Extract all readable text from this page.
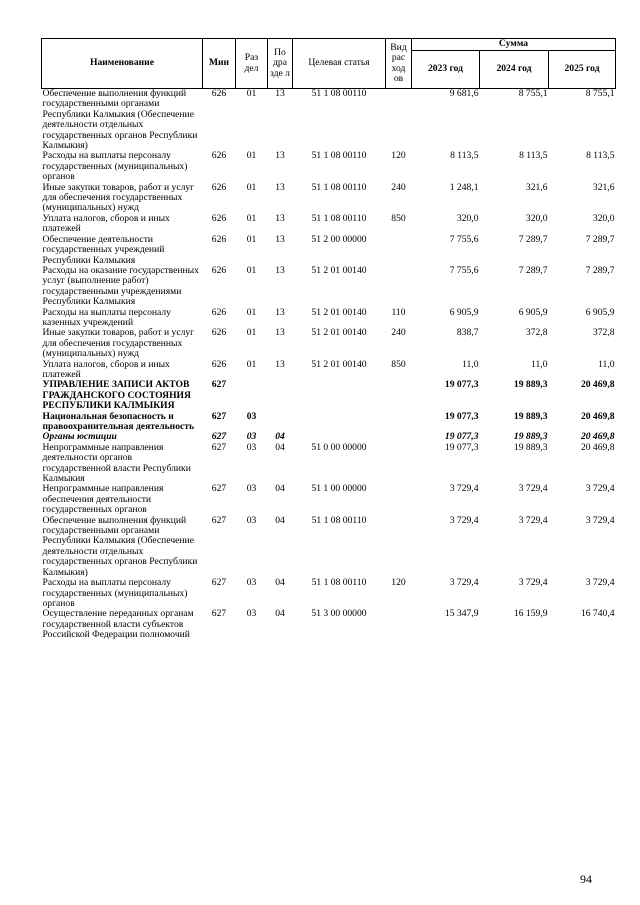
Наименование	Мин	Раз дел	По дра зде л	Целевая статья	Вид рас ход ов	Сумма		
						2023 год	2024 год	2025 год
Обеспечение выполнения функций государственными органами Республики Калмыкия (Обеспечение деятельности отдельных государственных органов Республики Калмыкия)	626	01	13	51 1 08 00110		9 681,6	8 755,1	8 755,1
Расходы на выплаты персоналу государственных (муниципальных) органов	626	01	13	51 1 08 00110	120	8 113,5	8 113,5	8 113,5
Иные закупки товаров, работ и услуг для обеспечения государственных (муниципальных) нужд	626	01	13	51 1 08 00110	240	1 248,1	321,6	321,6
Уплата налогов, сборов и иных платежей	626	01	13	51 1 08 00110	850	320,0	320,0	320,0
Обеспечение деятельности государственных учреждений Республики Калмыкия	626	01	13	51 2 00 00000		7 755,6	7 289,7	7 289,7
Расходы на оказание государственных услуг (выполнение работ) государственными учреждениями Республики Калмыкия	626	01	13	51 2 01 00140		7 755,6	7 289,7	7 289,7
Расходы на выплаты персоналу казенных учреждений	626	01	13	51 2 01 00140	110	6 905,9	6 905,9	6 905,9
Иные закупки товаров, работ и услуг для обеспечения государственных (муниципальных) нужд	626	01	13	51 2 01 00140	240	838,7	372,8	372,8
Уплата налогов, сборов и иных платежей	626	01	13	51 2 01 00140	850	11,0	11,0	11,0
УПРАВЛЕНИЕ ЗАПИСИ АКТОВ ГРАЖДАНСКОГО СОСТОЯНИЯ РЕСПУБЛИКИ КАЛМЫКИЯ	627					19 077,3	19 889,3	20 469,8
Национальная безопасность и правоохранительная деятельность	627	03				19 077,3	19 889,3	20 469,8
Органы юстиции	627	03	04			19 077,3	19 889,3	20 469,8
Непрограммные направления деятельности органов государственной власти Республики Калмыкия	627	03	04	51 0 00 00000		19 077,3	19 889,3	20 469,8
Непрограммные направления обеспечения деятельности государственных органов	627	03	04	51 1 00 00000		3 729,4	3 729,4	3 729,4
Обеспечение выполнения функций государственными органами Республики Калмыкия (Обеспечение деятельности отдельных государственных органов Республики Калмыкия)	627	03	04	51 1 08 00110		3 729,4	3 729,4	3 729,4
Расходы на выплаты персоналу государственных (муниципальных) органов	627	03	04	51 1 08 00110	120	3 729,4	3 729,4	3 729,4
Осуществление переданных органам государственной власти субъектов Российской Федерации полномочий	627	03	04	51 3 00 00000		15 347,9	16 159,9	16 740,4
94
